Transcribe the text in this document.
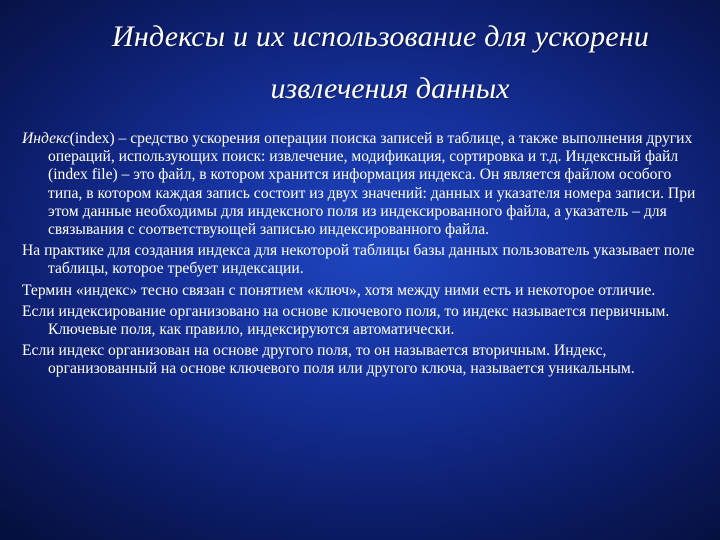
Индексы и их использование для ускорени
извлечения данных

Индекс(index) – средство ускорения операции поиска записей в таблице, а также выполнения других операций, использующих поиск: извлечение, модификация, сортировка и т.д. Индексный файл (index file) – это файл, в котором хранится информация индекса. Он является файлом особого типа, в котором каждая запись состоит из двух значений: данных и указателя номера записи. При этом данные необходимы для индексного поля из индексированного файла, а указатель – для связывания с соответствующей записью индексированного файла.

На практике для создания индекса для некоторой таблицы базы данных пользователь указывает поле таблицы, которое требует индексации.

Термин «индекс» тесно связан с понятием «ключ», хотя между ними есть и некоторое отличие.

Если индексирование организовано на основе ключевого поля, то индекс называется первичным. Ключевые поля, как правило, индексируются автоматически.

Если индекс организован на основе другого поля, то он называется вторичным. Индекс, организованный на основе ключевого поля или другого ключа, называется уникальным.
